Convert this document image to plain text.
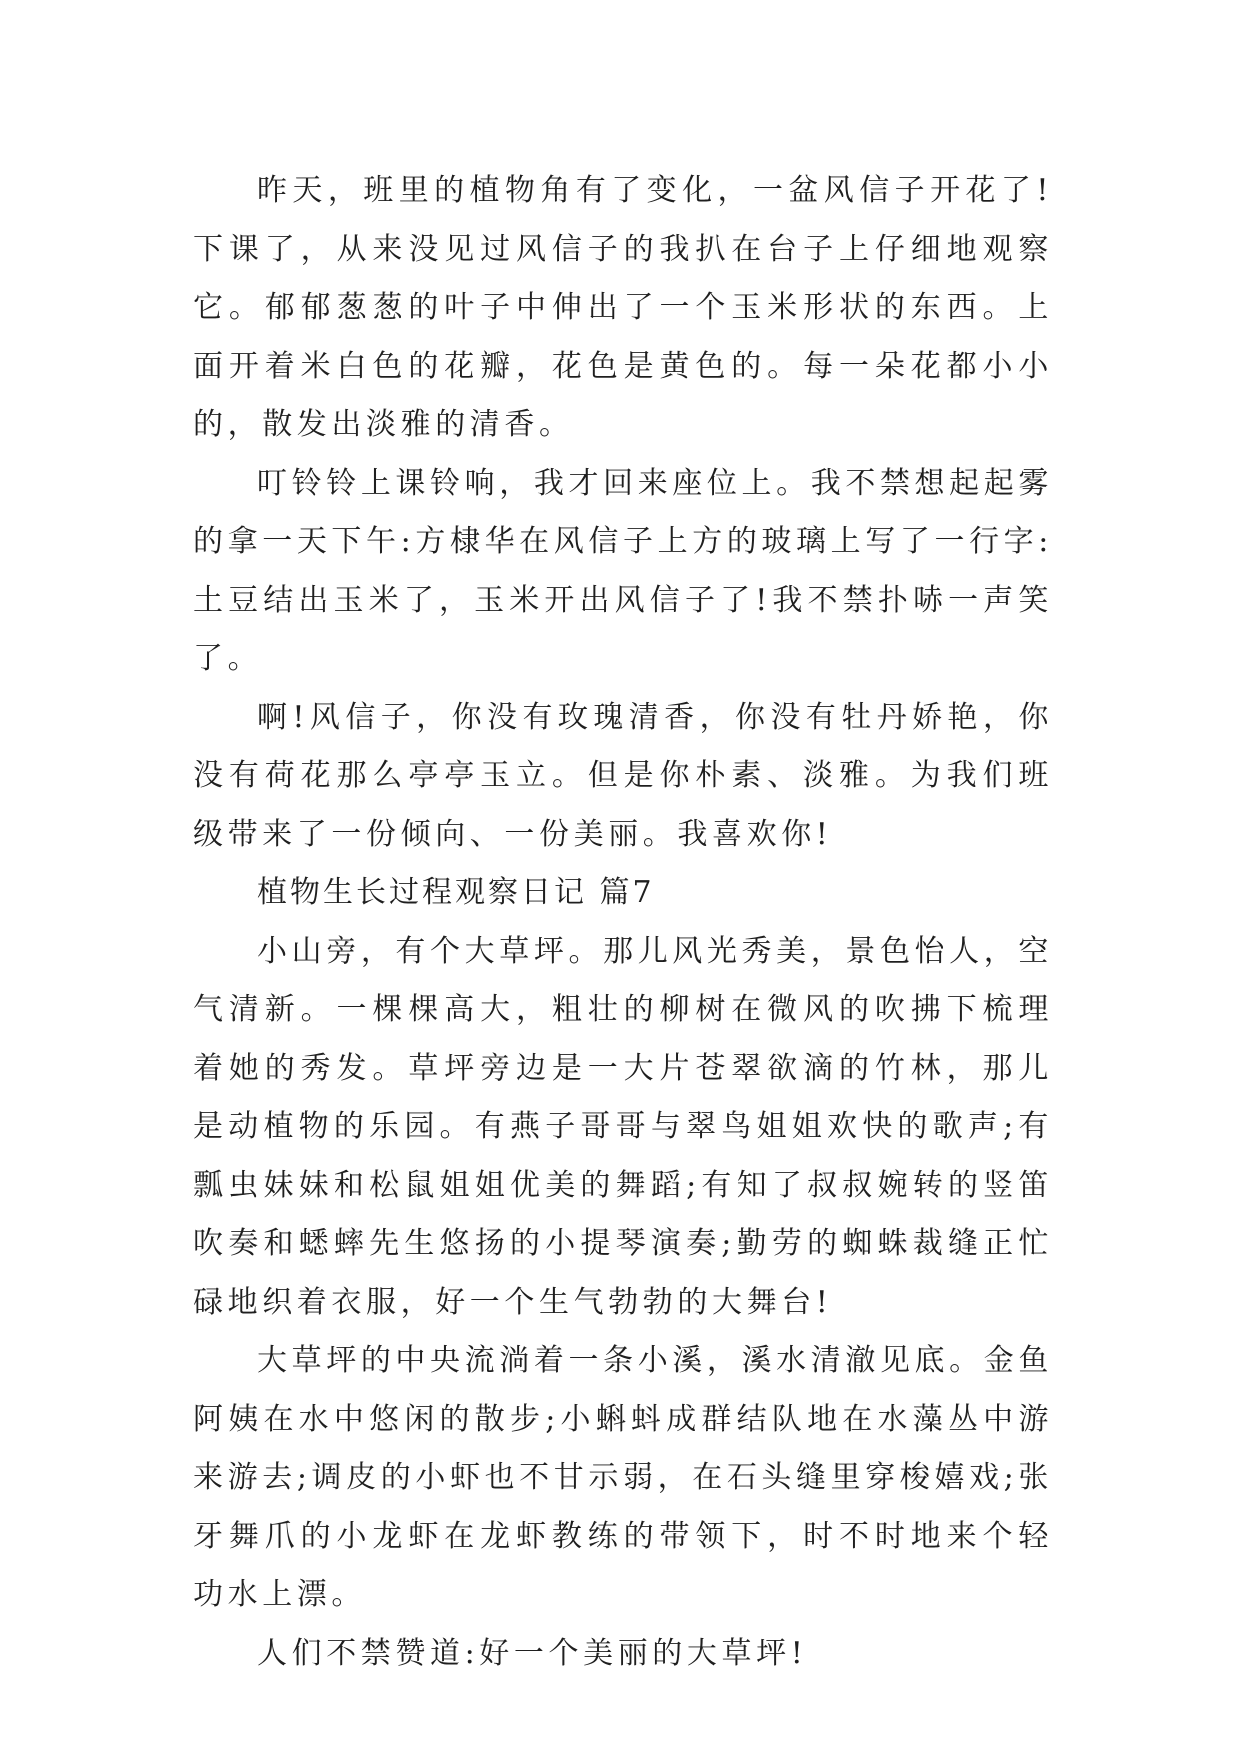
昨天，班里的植物角有了变化，一盆风信子开花了!下课了，从来没见过风信子的我扒在台子上仔细地观察它。郁郁葱葱的叶子中伸出了一个玉米形状的东西。上面开着米白色的花瓣，花色是黄色的。每一朵花都小小的，散发出淡雅的清香。

叮铃铃上课铃响，我才回来座位上。我不禁想起起雾的拿一天下午:方棣华在风信子上方的玻璃上写了一行字:土豆结出玉米了，玉米开出风信子了!我不禁扑哧一声笑了。

啊!风信子，你没有玫瑰清香，你没有牡丹娇艳，你没有荷花那么亭亭玉立。但是你朴素、淡雅。为我们班级带来了一份倾向、一份美丽。我喜欢你!

植物生长过程观察日记 篇7

小山旁，有个大草坪。那儿风光秀美，景色怡人，空气清新。一棵棵高大，粗壮的柳树在微风的吹拂下梳理着她的秀发。草坪旁边是一大片苍翠欲滴的竹林，那儿是动植物的乐园。有燕子哥哥与翠鸟姐姐欢快的歌声;有瓢虫妹妹和松鼠姐姐优美的舞蹈;有知了叔叔婉转的竖笛吹奏和蟋蟀先生悠扬的小提琴演奏;勤劳的蜘蛛裁缝正忙碌地织着衣服，好一个生气勃勃的大舞台!

大草坪的中央流淌着一条小溪，溪水清澈见底。金鱼阿姨在水中悠闲的散步;小蝌蚪成群结队地在水藻丛中游来游去;调皮的小虾也不甘示弱，在石头缝里穿梭嬉戏;张牙舞爪的小龙虾在龙虾教练的带领下，时不时地来个轻功水上漂。

人们不禁赞道:好一个美丽的大草坪!
